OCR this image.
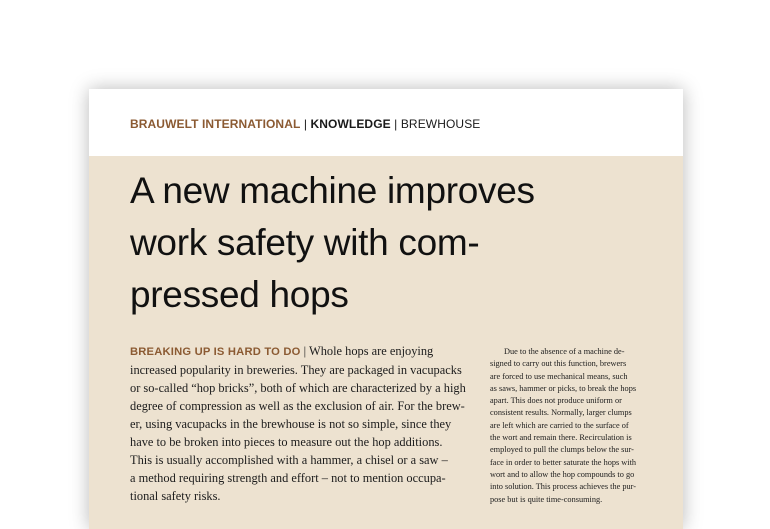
BRAUWELT INTERNATIONAL | KNOWLEDGE | BREWHOUSE
A new machine improves
work safety with com-
pressed hops
BREAKING UP IS HARD TO DO | Whole hops are enjoying
increased popularity in breweries. They are packaged in vacupacks
or so-called “hop bricks”, both of which are characterized by a high
degree of compression as well as the exclusion of air. For the brew-
er, using vacupacks in the brewhouse is not so simple, since they
have to be broken into pieces to measure out the hop additions.
This is usually accomplished with a hammer, a chisel or a saw –
a method requiring strength and effort – not to mention occupa-
tional safety risks.
Due to the absence of a machine de-
signed to carry out this function, brewers
are forced to use mechanical means, such
as saws, hammer or picks, to break the hops
apart. This does not produce uniform or
consistent results. Normally, larger clumps
are left which are carried to the surface of
the wort and remain there. Recirculation is
employed to pull the clumps below the sur-
face in order to better saturate the hops with
wort and to allow the hop compounds to go
into solution. This process achieves the pur-
pose but is quite time-consuming.
